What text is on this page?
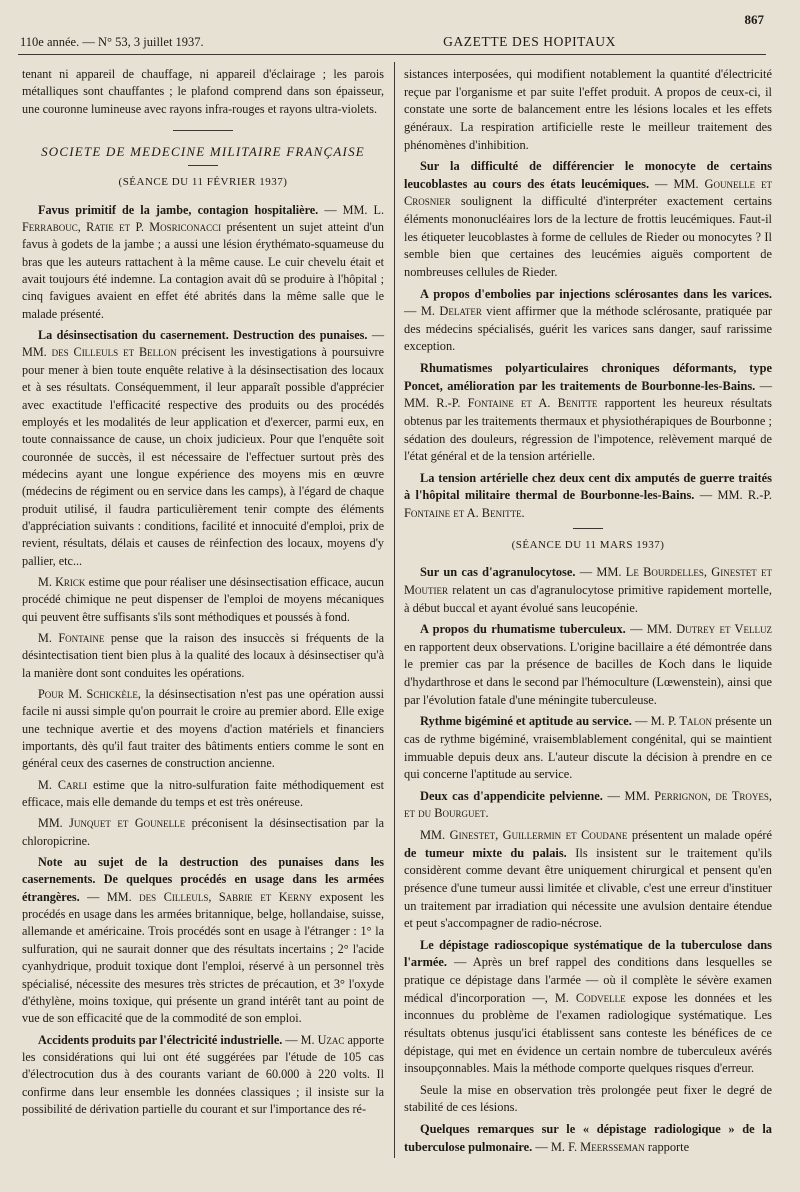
867
110e année. — N° 53, 3 juillet 1937.	GAZETTE DES HOPITAUX

tenant ni appareil de chauffage, ni appareil d'éclairage ; les parois métalliques sont chauffantes ; le plafond comprend dans son épaisseur, une couronne lumineuse avec rayons infra-rouges et rayons ultra-violets.

SOCIETE DE MEDECINE MILITAIRE FRANÇAISE
(SÉANCE DU 11 FÉVRIER 1937)

Favus primitif de la jambe, contagion hospitalière. — MM. L. Ferrabouc, Ratie et P. Mosriconacci présentent un sujet atteint d'un favus à godets de la jambe ; a aussi une lésion érythémato-squameuse du bras que les auteurs rattachent à la même cause. Le cuir chevelu était et avait toujours été indemne. La contagion avait dû se produire à l'hôpital ; cinq favigues avaient en effet été abrités dans la même salle que le malade présenté.

La désinsectisation du casernement. Destruction des punaises. — MM. des Cilleuls et Bellon précisent les investigations à poursuivre pour mener à bien toute enquête relative à la désinsectisation des locaux et à ses résultats. Conséquemment, il leur apparaît possible d'apprécier avec exactitude l'efficacité respective des produits ou des procédés employés et les modalités de leur application et d'exercer, parmi eux, en toute connaissance de cause, un choix judicieux. Pour que l'enquête soit couronnée de succès, il est nécessaire de l'effectuer surtout près des médecins ayant une longue expérience des moyens mis en œuvre (médecins de régiment ou en service dans les camps), à l'égard de chaque produit utilisé, il faudra particulièrement tenir compte des éléments d'appréciation suivants : conditions, facilité et innocuité d'emploi, prix de revient, résultats, délais et causes de réinfection des locaux, moyens d'y pallier, etc...

M. Krick estime que pour réaliser une désinsectisation efficace, aucun procédé chimique ne peut dispenser de l'emploi de moyens mécaniques qui peuvent être suffisants s'ils sont méthodiques et poussés à fond.

M. Fontaine pense que la raison des insuccès si fréquents de la désintectisation tient bien plus à la qualité des locaux à désinsectiser qu'à la manière dont sont conduites les opérations.

Pour M. Schickèle, la désinsectisation n'est pas une opération aussi facile ni aussi simple qu'on pourrait le croire au premier abord. Elle exige une technique avertie et des moyens d'action matériels et financiers importants, dès qu'il faut traiter des bâtiments entiers comme le sont en général ceux des casernes de construction ancienne.

M. Carli estime que la nitro-sulfuration faite méthodiquement est efficace, mais elle demande du temps et est très onéreuse.

MM. Junquet et Gounelle préconisent la désinsectisation par la chloropicrine.

Note au sujet de la destruction des punaises dans les casernements. De quelques procédés en usage dans les armées étrangères. — MM. des Cilleuls, Sabrie et Kerny exposent les procédés en usage dans les armées britannique, belge, hollandaise, suisse, allemande et américaine. Trois procédés sont en usage à l'étranger : 1° la sulfuration, qui ne saurait donner que des résultats incertains ; 2° l'acide cyanhydrique, produit toxique dont l'emploi, réservé à un personnel très spécialisé, nécessite des mesures très strictes de précaution, et 3° l'oxyde d'éthylène, moins toxique, qui présente un grand intérêt tant au point de vue de son efficacité que de la commodité de son emploi.

Accidents produits par l'électricité industrielle. — M. Uzac apporte les considérations qui lui ont été suggérées par l'étude de 105 cas d'électrocution dus à des courants variant de 60.000 à 220 volts. Il confirme dans leur ensemble les données classiques ; il insiste sur la possibilité de dérivation partielle du courant et sur l'importance des ré-

sistances interposées, qui modifient notablement la quantité d'électricité reçue par l'organisme et par suite l'effet produit. A propos de ceux-ci, il constate une sorte de balancement entre les lésions locales et les effets généraux. La respiration artificielle reste le meilleur traitement des phénomènes d'inhibition.

Sur la difficulté de différencier le monocyte de certains leucoblastes au cours des états leucémiques. — MM. Gounelle et Crosnier soulignent la difficulté d'interpréter exactement certains éléments mononucléaires lors de la lecture de frottis leucémiques. Faut-il les étiqueter leucoblastes à forme de cellules de Rieder ou monocytes ? Il semble bien que certaines des leucémies aiguës comportent de nombreuses cellules de Rieder.

A propos d'embolies par injections sclérosantes dans les varices. — M. Delater vient affirmer que la méthode sclérosante, pratiquée par des médecins spécialisés, guérit les varices sans danger, sauf rarissime exception.

Rhumatismes polyarticulaires chroniques déformants, type Poncet, amélioration par les traitements de Bourbonne-les-Bains. — MM. R.-P. Fontaine et A. Benitte rapportent les heureux résultats obtenus par les traitements thermaux et physiothérapiques de Bourbonne ; sédation des douleurs, régression de l'impotence, relèvement marqué de l'état général et de la tension artérielle.

La tension artérielle chez deux cent dix amputés de guerre traités à l'hôpital militaire thermal de Bourbonne-les-Bains. — MM. R.-P. Fontaine et A. Benitte.

(SÉANCE DU 11 MARS 1937)

Sur un cas d'agranulocytose. — MM. Le Bourdelles, Ginestet et Moutier relatent un cas d'agranulocytose primitive rapidement mortelle, à début buccal et ayant évolué sans leucopénie.

A propos du rhumatisme tuberculeux. — MM. Dutrey et Velluz en rapportent deux observations. L'origine bacillaire a été démontrée dans le premier cas par la présence de bacilles de Koch dans le liquide d'hydarthrose et dans le second par l'hémoculture (Lœwenstein), ainsi que par l'évolution fatale d'une méningite tuberculeuse.

Rythme bigéminé et aptitude au service. — M. P. Talon présente un cas de rythme bigéminé, vraisemblablement congénital, qui se maintient immuable depuis deux ans. L'auteur discute la décision à prendre en ce qui concerne l'aptitude au service.

Deux cas d'appendicite pelvienne. — MM. Perrignon, de Troyes, et du Bourguet.

MM. Ginestet, Guillermin et Coudane présentent un malade opéré de tumeur mixte du palais. Ils insistent sur le traitement qu'ils considèrent comme devant être uniquement chirurgical et pensent qu'en présence d'une tumeur aussi limitée et clivable, c'est une erreur d'instituer un traitement par irradiation qui nécessite une avulsion dentaire étendue et peut s'accompagner de radio-nécrose.

Le dépistage radioscopique systématique de la tuberculose dans l'armée. — Après un bref rappel des conditions dans lesquelles se pratique ce dépistage dans l'armée — où il complète le sévère examen médical d'incorporation —, M. Codvelle expose les données et les inconnues du problème de l'examen radiologique systématique. Les résultats obtenus jusqu'ici établissent sans conteste les bénéfices de ce dépistage, qui met en évidence un certain nombre de tuberculeux avérés insoupçonnables. Mais la méthode comporte quelques risques d'erreur.

Seule la mise en observation très prolongée peut fixer le degré de stabilité de ces lésions.

Quelques remarques sur le « dépistage radiologique » de la tuberculose pulmonaire. — M. F. Meersseman rapporte
